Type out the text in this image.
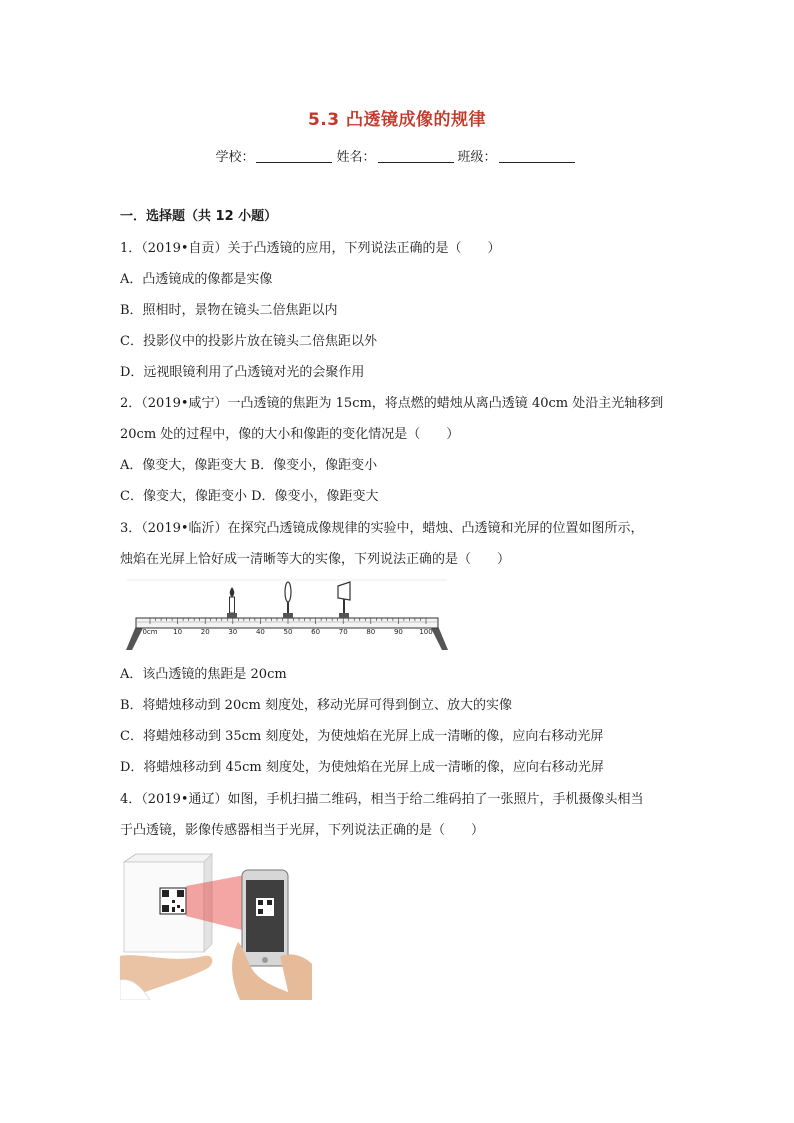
5.3 凸透镜成像的规律
学校：	姓名：	班级：
一．选择题（共 12 小题）
1．（2019•自贡）关于凸透镜的应用，下列说法正确的是（　　）
A．凸透镜成的像都是实像
B．照相时，景物在镜头二倍焦距以内
C．投影仪中的投影片放在镜头二倍焦距以外
D．远视眼镜利用了凸透镜对光的会聚作用
2．（2019•咸宁）一凸透镜的焦距为 15cm，将点燃的蜡烛从离凸透镜 40cm 处沿主光轴移到
20cm 处的过程中，像的大小和像距的变化情况是（　　）
A．像变大，像距变大 B．像变小，像距变小
C．像变大，像距变小 D．像变小，像距变大
3．（2019•临沂）在探究凸透镜成像规律的实验中，蜡烛、凸透镜和光屏的位置如图所示，
烛焰在光屏上恰好成一清晰等大的实像，下列说法正确的是（　　）
0cm 10	20	30	40	50	60	70	80	90 100
A．该凸透镜的焦距是 20cm
B．将蜡烛移动到 20cm 刻度处，移动光屏可得到倒立、放大的实像
C．将蜡烛移动到 35cm 刻度处，为使烛焰在光屏上成一清晰的像，应向右移动光屏
D．将蜡烛移动到 45cm 刻度处，为使烛焰在光屏上成一清晰的像，应向右移动光屏
4．（2019•通辽）如图，手机扫描二维码，相当于给二维码拍了一张照片，手机摄像头相当
于凸透镜，影像传感器相当于光屏，下列说法正确的是（　　）
